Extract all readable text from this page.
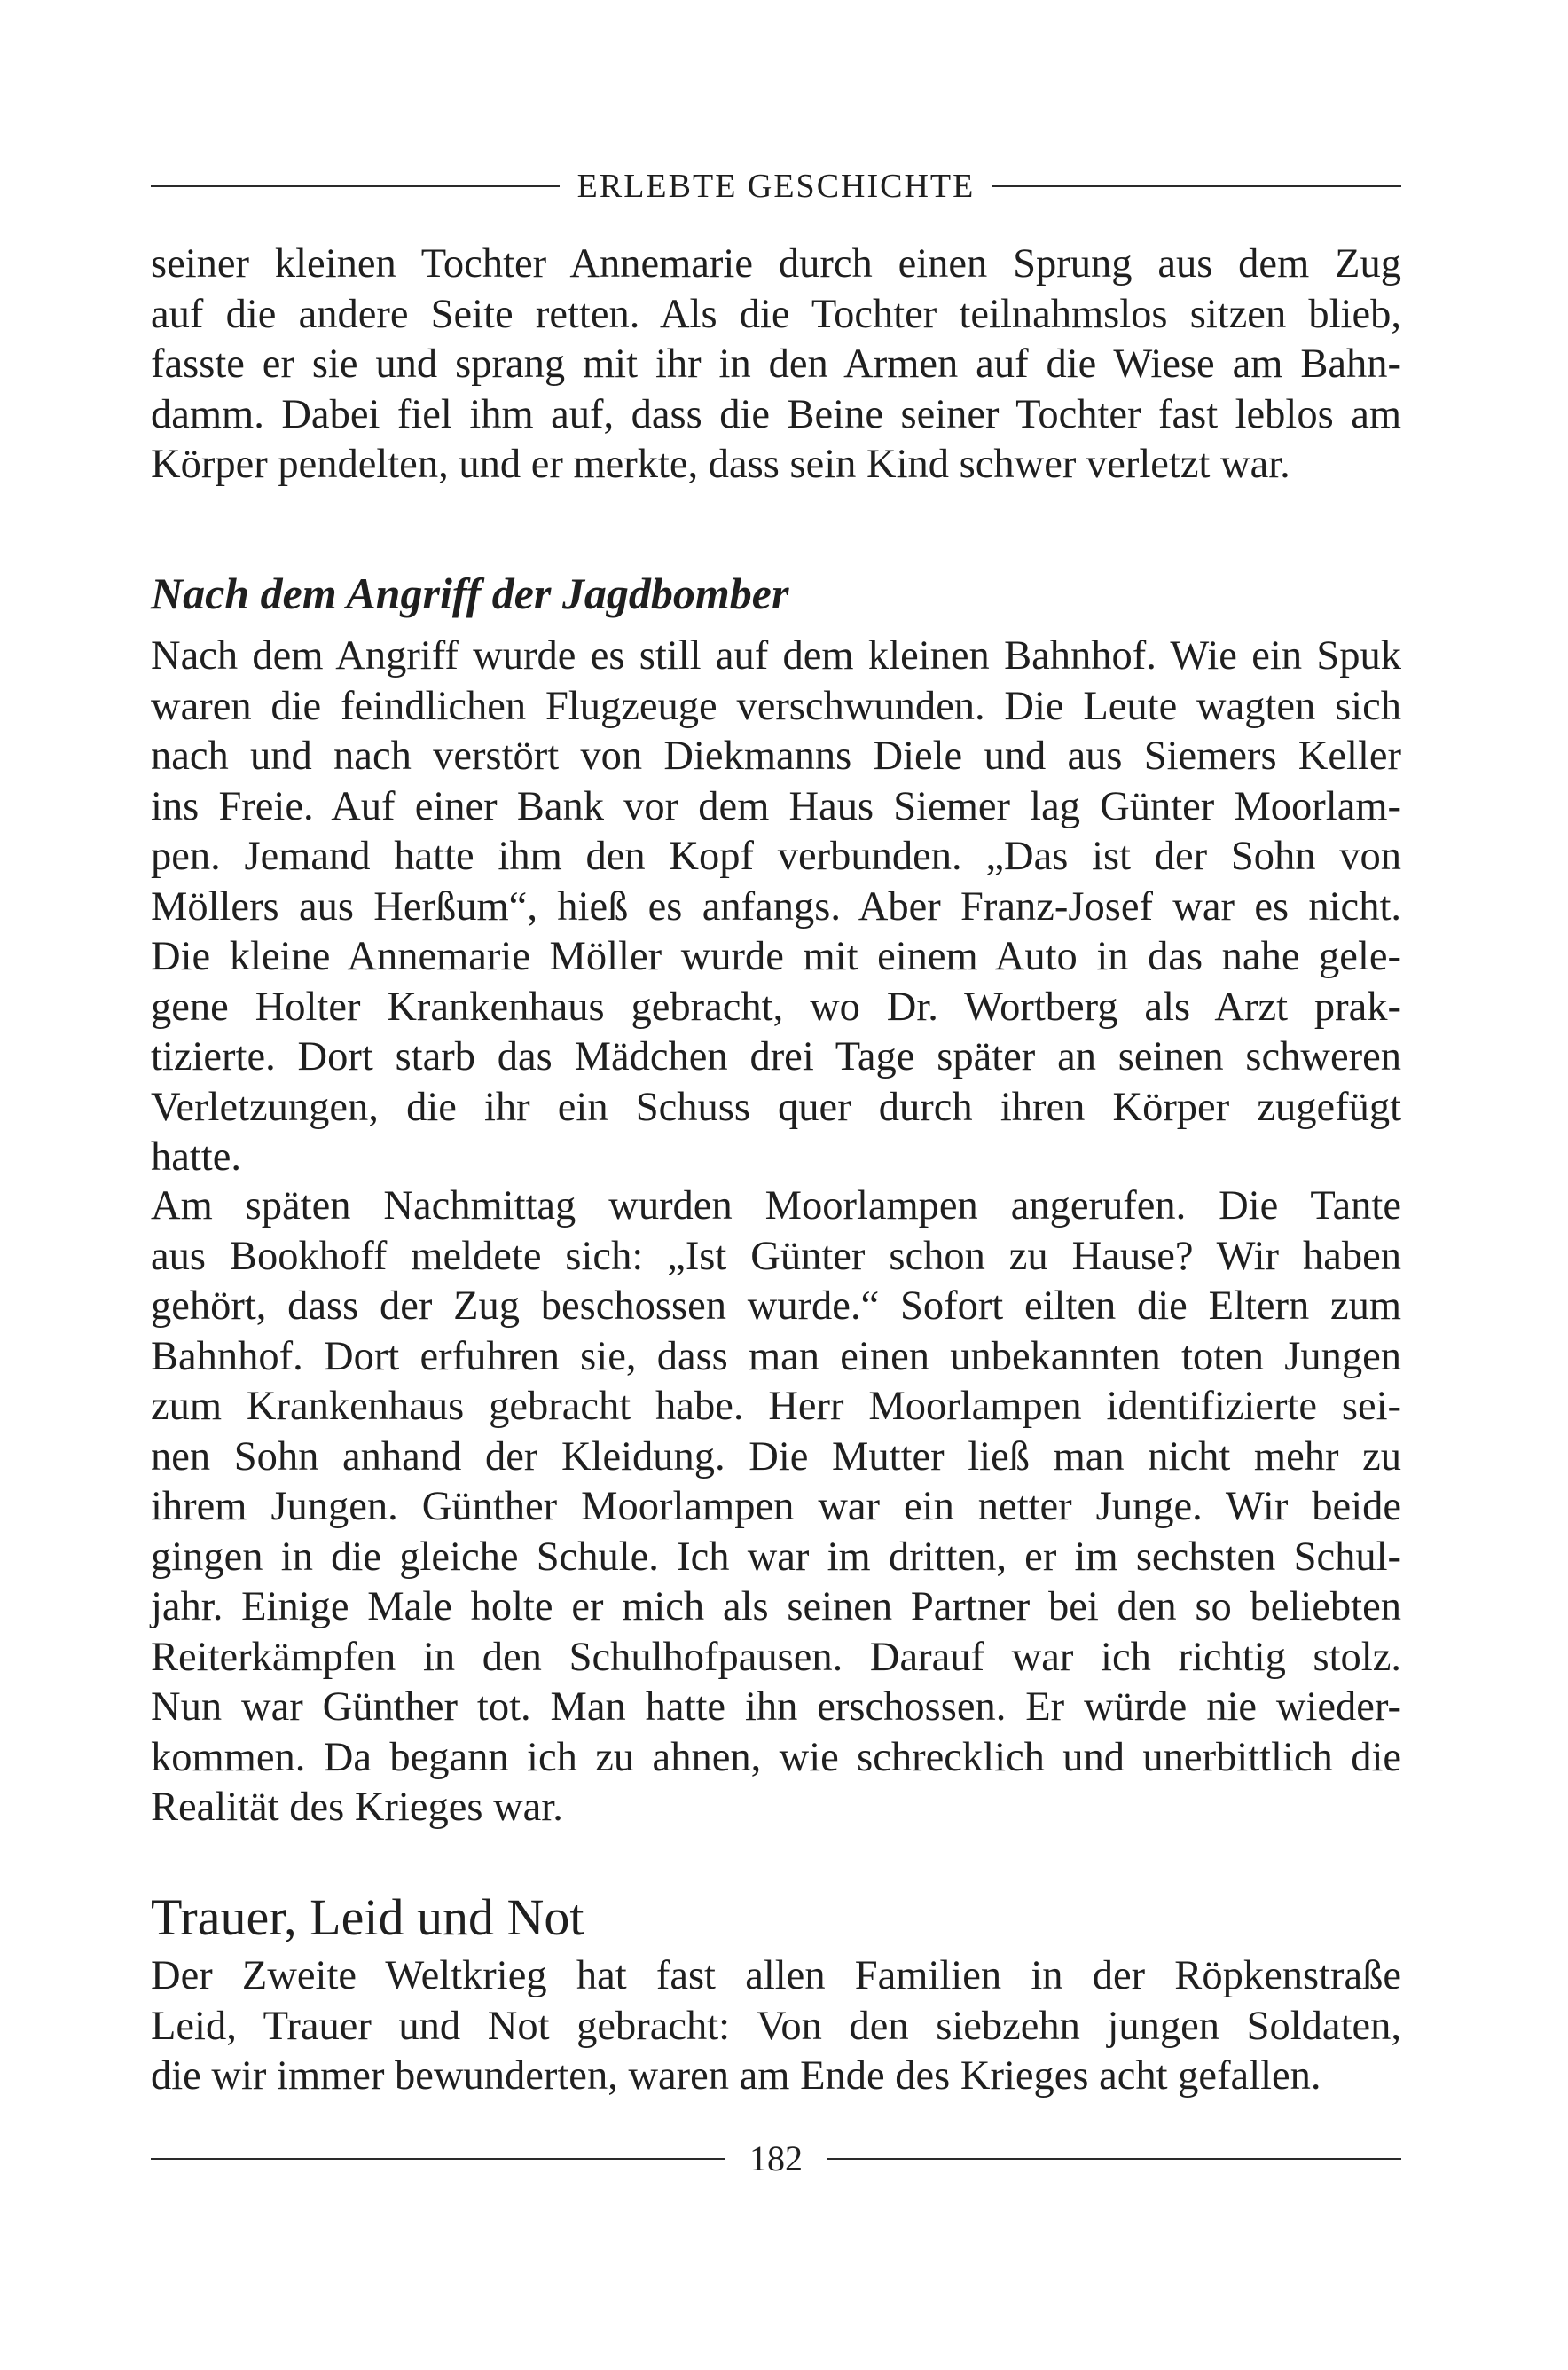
ERLEBTE GESCHICHTE

seiner kleinen Tochter Annemarie durch einen Sprung aus dem Zug
auf die andere Seite retten. Als die Tochter teilnahmslos sitzen blieb,
fasste er sie und sprang mit ihr in den Armen auf die Wiese am Bahn-
damm. Dabei fiel ihm auf, dass die Beine seiner Tochter fast leblos am
Körper pendelten, und er merkte, dass sein Kind schwer verletzt war.

Nach dem Angriff der Jagdbomber

Nach dem Angriff wurde es still auf dem kleinen Bahnhof. Wie ein Spuk
waren die feindlichen Flugzeuge verschwunden. Die Leute wagten sich
nach und nach verstört von Diekmanns Diele und aus Siemers Keller
ins Freie. Auf einer Bank vor dem Haus Siemer lag Günter Moorlam-
pen. Jemand hatte ihm den Kopf verbunden. „Das ist der Sohn von
Möllers aus Herßum“, hieß es anfangs. Aber Franz-Josef war es nicht.
Die kleine Annemarie Möller wurde mit einem Auto in das nahe gele-
gene Holter Krankenhaus gebracht, wo Dr. Wortberg als Arzt prak-
tizierte. Dort starb das Mädchen drei Tage später an seinen schweren
Verletzungen, die ihr ein Schuss quer durch ihren Körper zugefügt
hatte.

Am späten Nachmittag wurden Moorlampen angerufen. Die Tante
aus Bookhoff meldete sich: „Ist Günter schon zu Hause? Wir haben
gehört, dass der Zug beschossen wurde.“ Sofort eilten die Eltern zum
Bahnhof. Dort erfuhren sie, dass man einen unbekannten toten Jungen
zum Krankenhaus gebracht habe. Herr Moorlampen identifizierte sei-
nen Sohn anhand der Kleidung. Die Mutter ließ man nicht mehr zu
ihrem Jungen. Günther Moorlampen war ein netter Junge. Wir beide
gingen in die gleiche Schule. Ich war im dritten, er im sechsten Schul-
jahr. Einige Male holte er mich als seinen Partner bei den so beliebten
Reiterkämpfen in den Schulhofpausen. Darauf war ich richtig stolz.
Nun war Günther tot. Man hatte ihn erschossen. Er würde nie wieder-
kommen. Da begann ich zu ahnen, wie schrecklich und unerbittlich die
Realität des Krieges war.

Trauer, Leid und Not

Der Zweite Weltkrieg hat fast allen Familien in der Röpkenstraße
Leid, Trauer und Not gebracht: Von den siebzehn jungen Soldaten,
die wir immer bewunderten, waren am Ende des Krieges acht gefallen.

182
